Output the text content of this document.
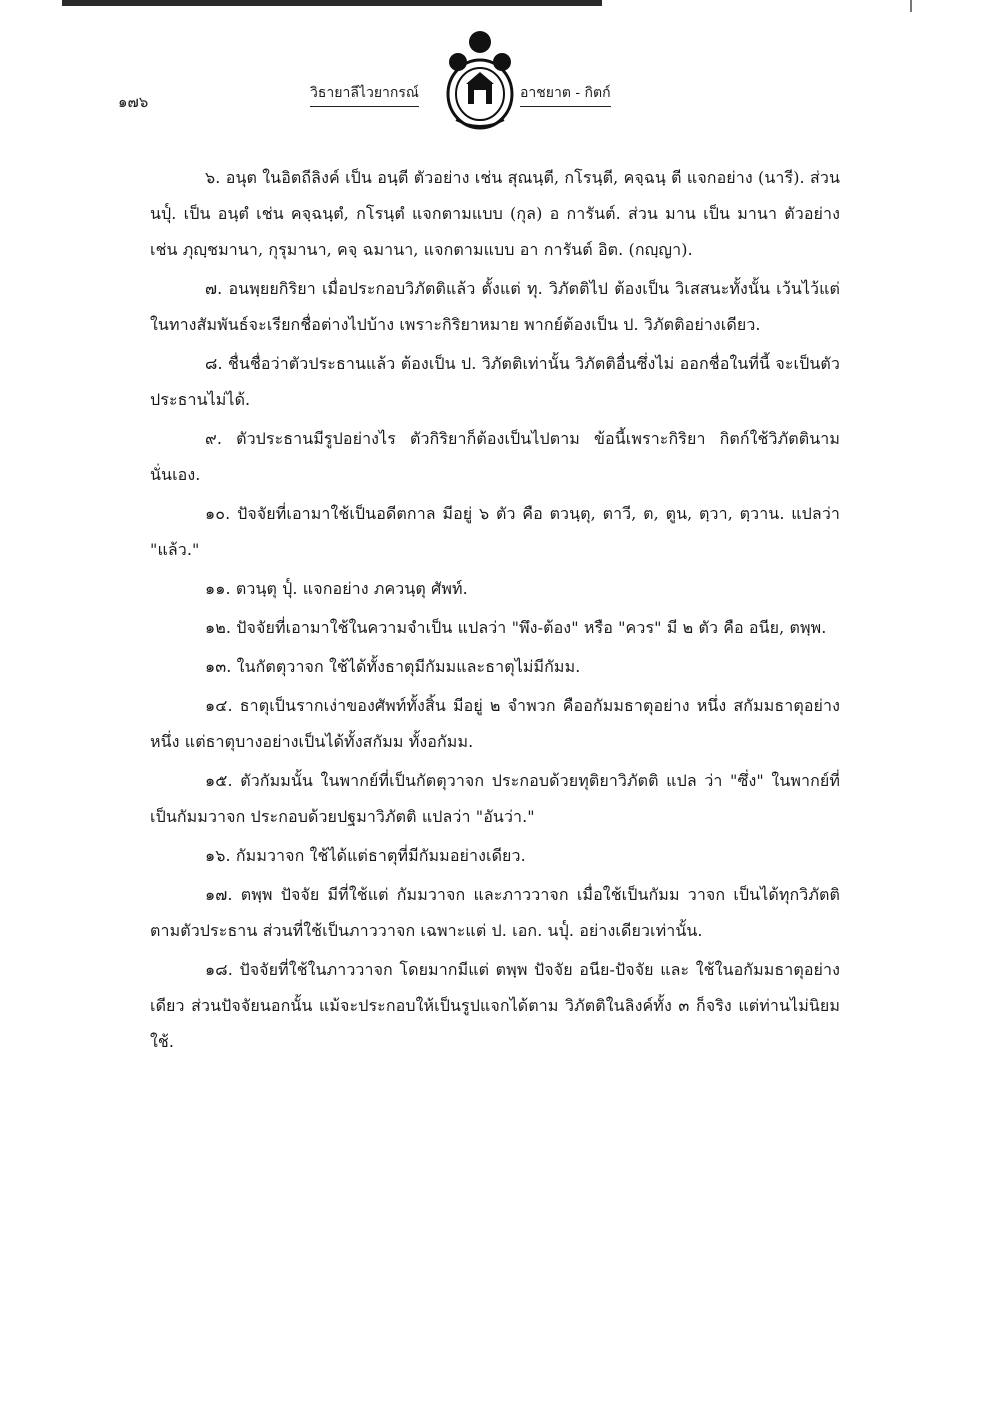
๑๗๖	วิธายาลีไวยากรณ์	อาชยาต - กิตก์

๖. อนุต ในอิตถีลิงค์ เป็น อนฺตี ตัวอย่าง เช่น สุณนฺตี, กโรนฺตี, คจฺฉนฺ ตี แจกอย่าง (นารี). ส่วน นปุ๎. เป็น อนฺตํ เช่น คจฺฉนฺตํ, กโรนฺตํ แจกตามแบบ (กุล) อ การันต์. ส่วน มาน เป็น มานา ตัวอย่าง เช่น ภุญฺชมานา, กุรุมานา, คจฺ ฉมานา, แจกตามแบบ อา การันต์ อิต. (กญฺญา).

๗. อนพฺยยกิริยา เมื่อประกอบวิภัตติแล้ว ตั้งแต่ ทุ. วิภัตติไป ต้องเป็น วิเสสนะทั้งนั้น เว้นไว้แต่ในทางสัมพันธ์จะเรียกชื่อต่างไปบ้าง เพราะกิริยาหมาย พากย์ต้องเป็น ป. วิภัตติอย่างเดียว.

๘. ชื่นชื่อว่าตัวประธานแล้ว ต้องเป็น ป. วิภัตติเท่านั้น วิภัตติอื่นซึ่งไม่ ออกชื่อในที่นี้ จะเป็นตัวประธานไม่ได้.

๙. ตัวประธานมีรูปอย่างไร ตัวกิริยาก็ต้องเป็นไปตาม ข้อนี้เพราะกิริยา กิตก์ใช้วิภัตตินามนั่นเอง.

๑๐. ปัจจัยที่เอามาใช้เป็นอดีตกาล มีอยู่ ๖ ตัว คือ ตวนฺตุ, ตาวี, ต, ตูน, ตฺวา, ตฺวาน. แปลว่า "แล้ว."

๑๑. ตวนฺตุ ปุ๎. แจกอย่าง ภควนฺตุ ศัพท์.

๑๒. ปัจจัยที่เอามาใช้ในความจำเป็น แปลว่า "พึง-ต้อง" หรือ "ควร" มี ๒ ตัว คือ อนีย, ตพฺพ.

๑๓. ในกัตตุวาจก ใช้ได้ทั้งธาตุมีกัมมและธาตุไม่มีกัมม.

๑๔. ธาตุเป็นรากเง่าของศัพท์ทั้งสิ้น มีอยู่ ๒ จำพวก คืออกัมมธาตุอย่าง หนึ่ง สกัมมธาตุอย่างหนึ่ง แต่ธาตุบางอย่างเป็นได้ทั้งสกัมม ทั้งอกัมม.

๑๕. ตัวกัมมนั้น ในพากย์ที่เป็นกัตตุวาจก ประกอบด้วยทุติยาวิภัตติ แปล ว่า "ซึ่ง" ในพากย์ที่เป็นกัมมวาจก ประกอบด้วยปฐมาวิภัตติ แปลว่า "อันว่า."

๑๖. กัมมวาจก ใช้ได้แต่ธาตุที่มีกัมมอย่างเดียว.

๑๗. ตพฺพ ปัจจัย มีที่ใช้แต่ กัมมวาจก และภาววาจก เมื่อใช้เป็นกัมม วาจก เป็นได้ทุกวิภัตติตามตัวประธาน ส่วนที่ใช้เป็นภาววาจก เฉพาะแต่ ป. เอก. นปุ๎. อย่างเดียวเท่านั้น.

๑๘. ปัจจัยที่ใช้ในภาววาจก โดยมากมีแต่ ตพฺพ ปัจจัย อนีย-ปัจจัย และ ใช้ในอกัมมธาตุอย่างเดียว ส่วนปัจจัยนอกนั้น แม้จะประกอบให้เป็นรูปแจกได้ตาม วิภัตติในลิงค์ทั้ง ๓ ก็จริง แต่ท่านไม่นิยมใช้.
